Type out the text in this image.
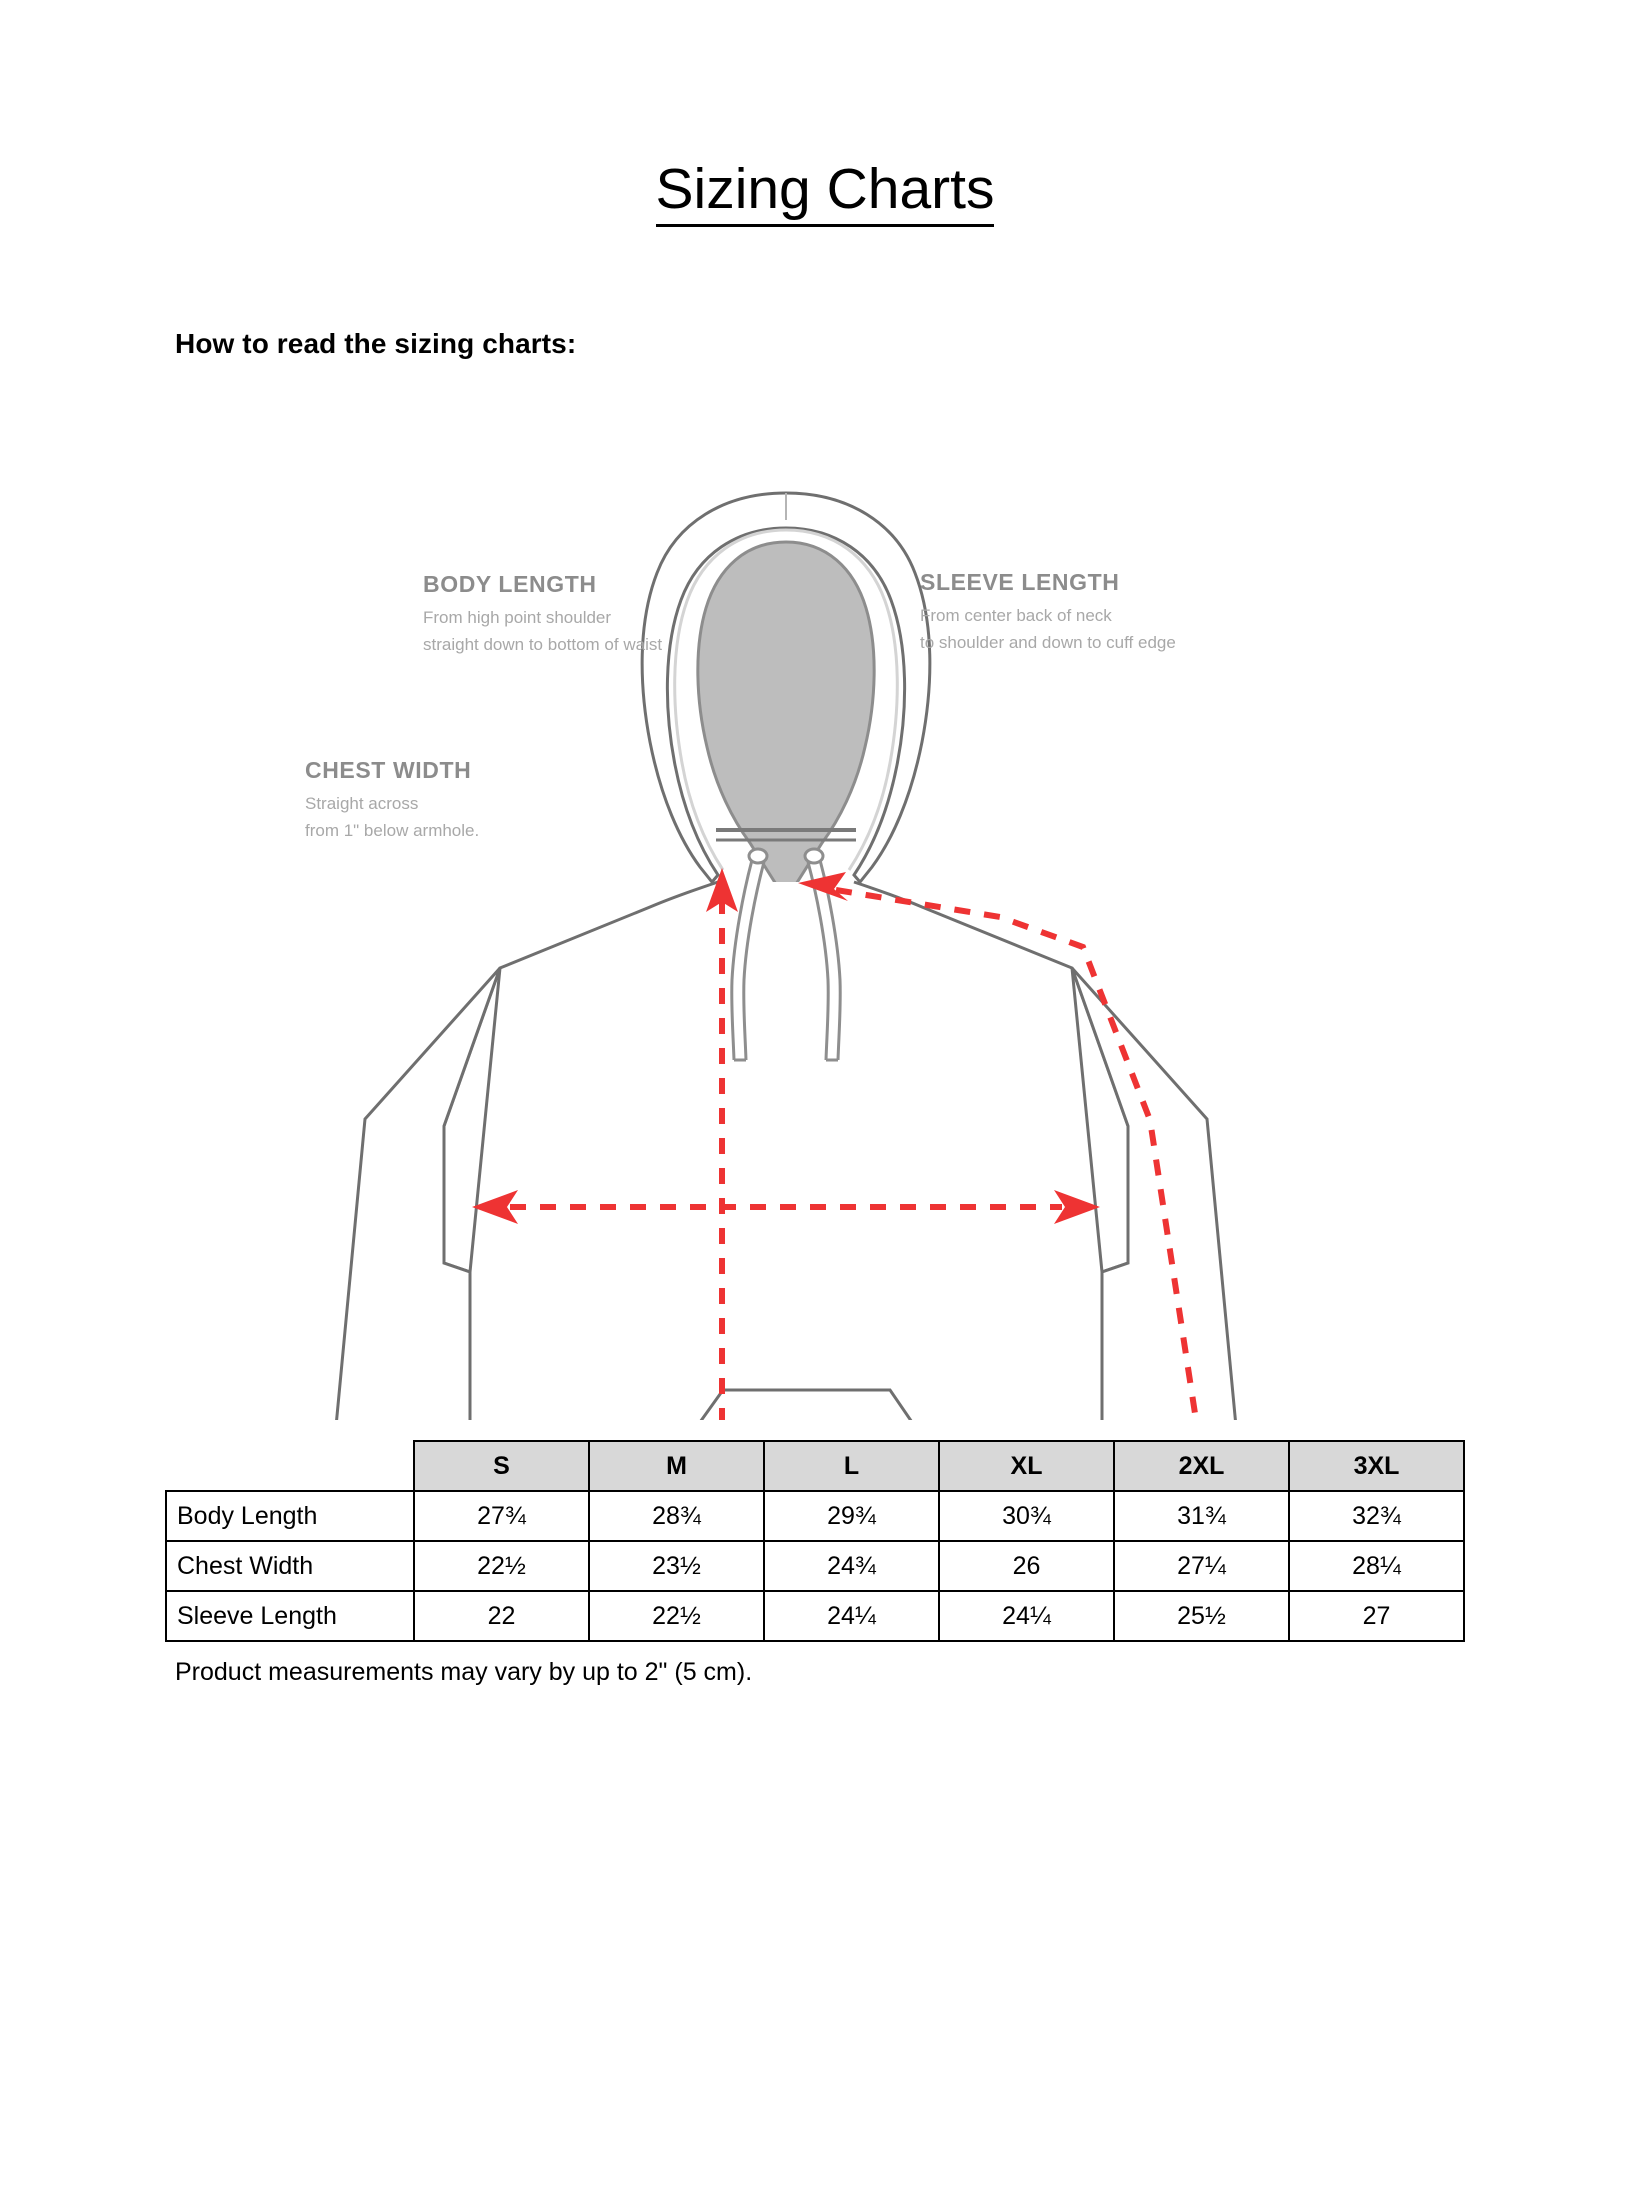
Sizing Charts
How to read the sizing charts:
BODY LENGTH
From high point shoulder
straight down to bottom of waist
SLEEVE LENGTH
From center back of neck
to shoulder and down to cuff edge
CHEST WIDTH
Straight across
from 1" below armhole.
	S	M	L	XL	2XL	3XL
Body Length	27¾	28¾	29¾	30¾	31¾	32¾
Chest Width	22½	23½	24¾	26	27¼	28¼
Sleeve Length	22	22½	24¼	24¼	25½	27
Product measurements may vary by up to 2" (5 cm).
